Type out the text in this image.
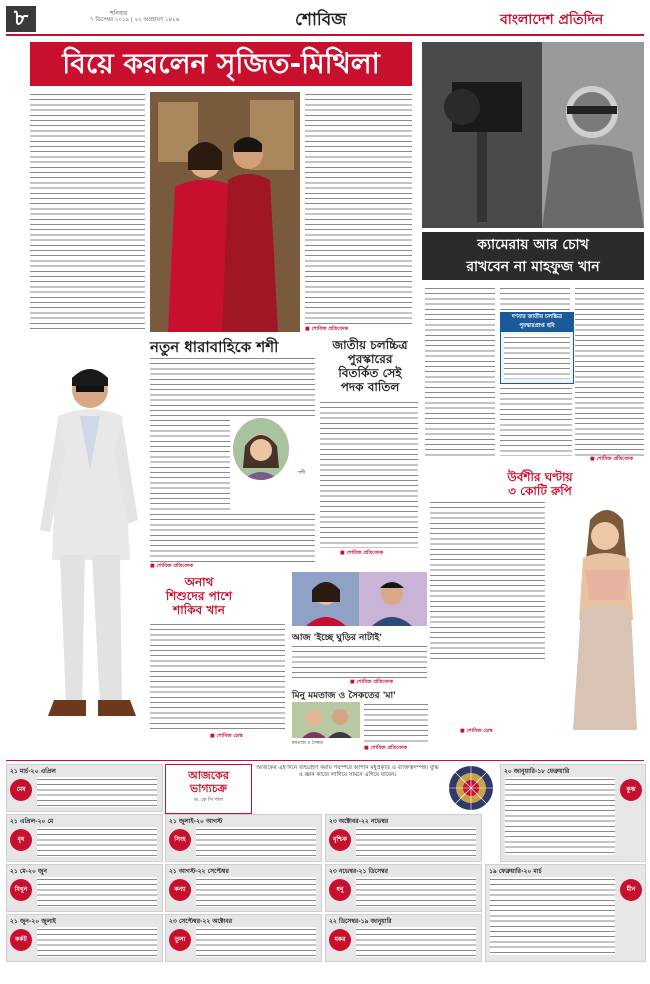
৮	শনিবার
৭ ডিসেম্বর ২০১৯ | ২২ অগ্রহায়ণ ১৪২৬	শোবিজ	বাংলাদেশ প্রতিদিন
বিয়ে করলেন সৃজিত-মিথিলা
■ শোবিজ প্রতিবেদক
ক্যামেরায় আর চোখ
রাখবেন না মাহফুজ খান
দশবার জাতীয় চলচ্চিত্র
পুরস্কারপ্রাপ্ত ছবি
■ শোবিজ প্রতিবেদক
নতুন ধারাবাহিকে শশী
শশী
■ শোবিজ প্রতিবেদক
জাতীয় চলচ্চিত্র
পুরস্কারের
বিতর্কিত সেই
পদক বাতিল
■ শোবিজ প্রতিবেদক
উর্বশীর ঘণ্টায়
৩ কোটি রুপি
■ শোবিজ ডেস্ক
অনাথ
শিশুদের পাশে
শাকিব খান
■ শোবিজ ডেস্ক
আজ 'ইচ্ছে ঘুড়ির নাটাই'
■ শোবিজ প্রতিবেদক
মিনু মমতাজ ও সৈকতের 'মা'
মমতাজ ও সৈকত
■ শোবিজ প্রতিবেদক
আজকের
ভাগ্যচক্র
ড. কে সি পাল
আজকের এই দিনে জন্মগ্রহণ করায় পরস্পরে আপনি মধুপ্রকৃতি ও ব্যক্তিত্বসম্পন্ন। বুদ্ধি ও জ্ঞান কাজে লাগিয়ে সামনে এগিয়ে যাবেন।
২১ মার্চ-২০ এপ্রিল
মেষ
২১ এপ্রিল-২০ মে
বৃষ
২১ মে-২০ জুন
মিথুন
২১ জুন-২০ জুলাই
কর্কট
২১ জুলাই-২০ আগস্ট
সিংহ
২১ আগস্ট-২২ সেপ্টেম্বর
কন্যা
২৩ সেপ্টেম্বর-২২ অক্টোবর
তুলা
২৩ অক্টোবর-২২ নভেম্বর
বৃশ্চিক
২৩ নভেম্বর-২১ ডিসেম্বর
ধনু
২২ ডিসেম্বর-১৯ জানুয়ারি
মকর
২০ জানুয়ারি-১৮ ফেব্রুয়ারি
কুম্ভ
১৯ ফেব্রুয়ারি-২০ মার্চ
মীন
